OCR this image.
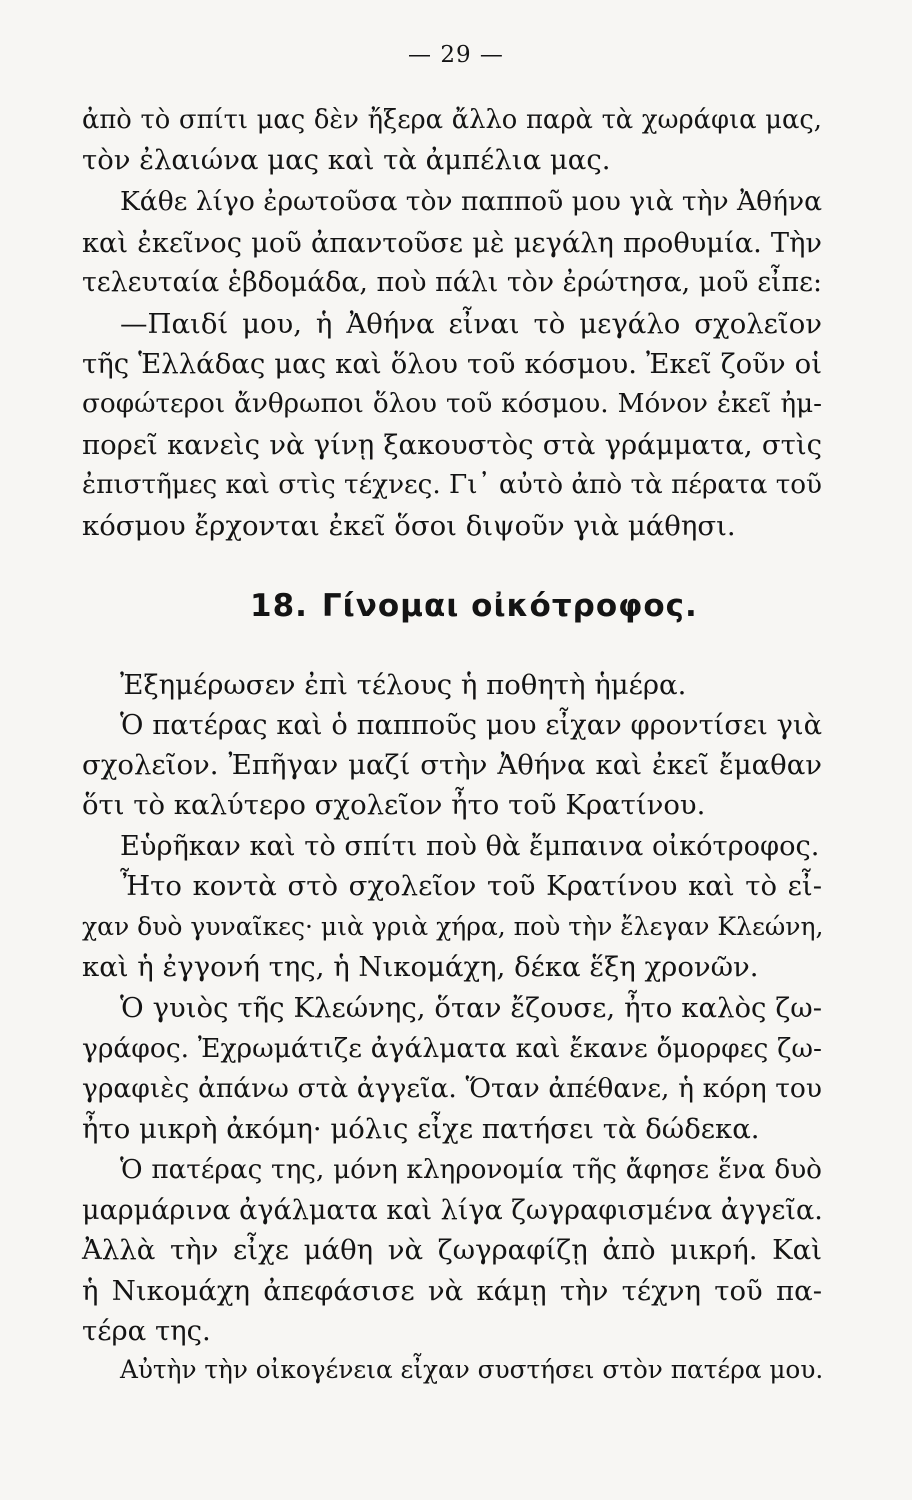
— 29 —
ἀπὸ τὸ σπίτι μας δὲν ἤξερα ἄλλο παρὰ τὰ χωράφια μας,
τὸν ἐλαιώνα μας καὶ τὰ ἀμπέλια μας.
Κάθε λίγο ἐρωτοῦσα τὸν παπποῦ μου γιὰ τὴν Ἀθήνα
καὶ ἐκεῖνος μοῦ ἀπαντοῦσε μὲ μεγάλη προθυμία. Τὴν
τελευταία ἑβδομάδα, ποὺ πάλι τὸν ἐρώτησα, μοῦ εἶπε:
—Παιδί μου, ἡ Ἀθήνα εἶναι τὸ μεγάλο σχολεῖον
τῆς Ἑλλάδας μας καὶ ὅλου τοῦ κόσμου. Ἐκεῖ ζοῦν οἱ
σοφώτεροι ἄνθρωποι ὅλου τοῦ κόσμου. Μόνον ἐκεῖ ἠμ-
πορεῖ κανεὶς νὰ γίνῃ ξακουστὸς στὰ γράμματα, στὶς
ἐπιστῆμες καὶ στὶς τέχνες. Γι᾿ αὐτὸ ἀπὸ τὰ πέρατα τοῦ
κόσμου ἔρχονται ἐκεῖ ὅσοι διψοῦν γιὰ μάθησι.
18. Γίνομαι οἰκότροφος.
Ἐξημέρωσεν ἐπὶ τέλους ἡ ποθητὴ ἡμέρα.
Ὁ πατέρας καὶ ὁ παπποῦς μου εἶχαν φροντίσει γιὰ
σχολεῖον. Ἐπῆγαν μαζί στὴν Ἀθήνα καὶ ἐκεῖ ἔμαθαν
ὅτι τὸ καλύτερο σχολεῖον ἦτο τοῦ Κρατίνου.
Εὑρῆκαν καὶ τὸ σπίτι ποὺ θὰ ἔμπαινα οἰκότροφος.
Ἦτο κοντὰ στὸ σχολεῖον τοῦ Κρατίνου καὶ τὸ εἶ-
χαν δυὸ γυναῖκες· μιὰ γριὰ χήρα, ποὺ τὴν ἔλεγαν Κλεώνη,
καὶ ἡ ἐγγονή της, ἡ Νικομάχη, δέκα ἕξη χρονῶν.
Ὁ γυιὸς τῆς Κλεώνης, ὅταν ἔζουσε, ἦτο καλὸς ζω-
γράφος. Ἐχρωμάτιζε ἀγάλματα καὶ ἔκανε ὄμορφες ζω-
γραφιὲς ἀπάνω στὰ ἀγγεῖα. Ὅταν ἀπέθανε, ἡ κόρη του
ἦτο μικρὴ ἀκόμη· μόλις εἶχε πατήσει τὰ δώδεκα.
Ὁ πατέρας της, μόνη κληρονομία τῆς ἄφησε ἕνα δυὸ
μαρμάρινα ἀγάλματα καὶ λίγα ζωγραφισμένα ἀγγεῖα.
Ἀλλὰ τὴν εἶχε μάθη νὰ ζωγραφίζῃ ἀπὸ μικρή. Καὶ
ἡ Νικομάχη ἀπεφάσισε νὰ κάμῃ τὴν τέχνη τοῦ πα-
τέρα της.
Αὐτὴν τὴν οἰκογένεια εἶχαν συστήσει στὸν πατέρα μου.
